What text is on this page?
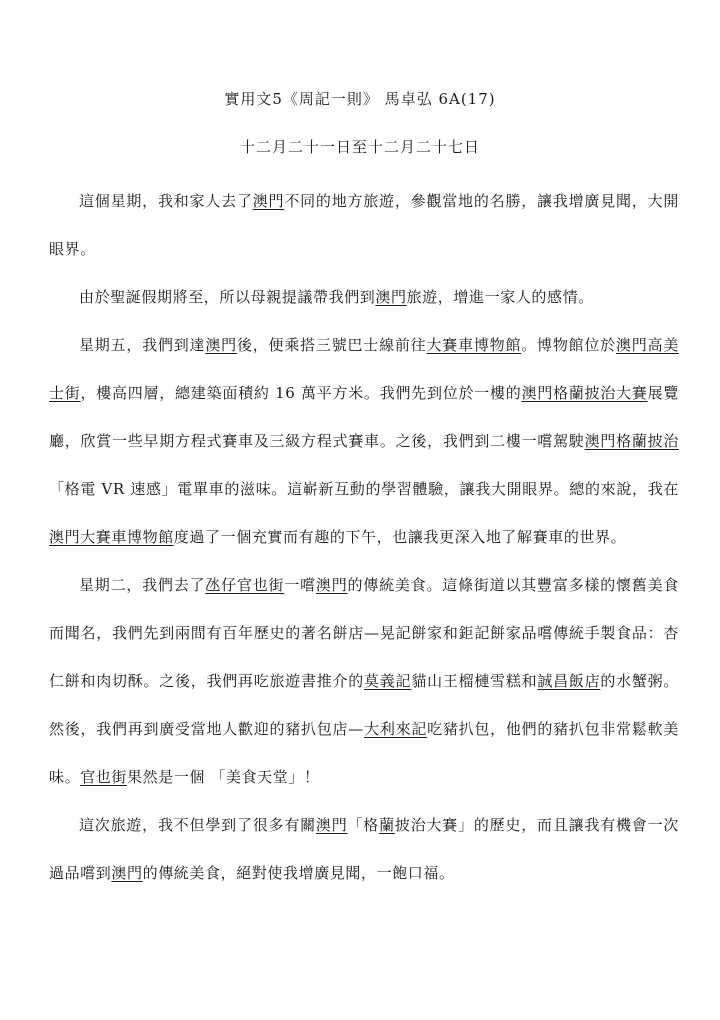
實用文5《周記一則》 馬卓弘 6A(17)
十二月二十一日至十二月二十七日

這個星期，我和家人去了澳門不同的地方旅遊，參觀當地的名勝，讓我增廣見聞，大開眼界。

由於聖誕假期將至，所以母親提議帶我們到澳門旅遊，增進一家人的感情。

星期五，我們到達澳門後，便乘搭三號巴士線前往大賽車博物館。博物館位於澳門高美士街，樓高四層，總建築面積約 16 萬平方米。我們先到位於一樓的澳門格蘭披治大賽展覽廳，欣賞一些早期方程式賽車及三級方程式賽車。之後，我們到二樓一嚐駕駛澳門格蘭披治「格電 VR 速感」電單車的滋味。這嶄新互動的學習體驗，讓我大開眼界。總的來說，我在澳門大賽車博物館度過了一個充實而有趣的下午，也讓我更深入地了解賽車的世界。

星期二，我們去了氹仔官也街一嚐澳門的傳統美食。這條街道以其豐富多樣的懷舊美食而聞名，我們先到兩間有百年歷史的著名餅店—晃記餅家和鉅記餅家品嚐傳統手製食品：杏仁餅和肉切酥。之後，我們再吃旅遊書推介的莫義記貓山王榴槤雪糕和誠昌飯店的水蟹粥。然後，我們再到廣受當地人歡迎的豬扒包店—大利來記吃豬扒包，他們的豬扒包非常鬆軟美味。官也街果然是一個 「美食天堂」！

這次旅遊，我不但學到了很多有關澳門「格蘭披治大賽」的歷史，而且讓我有機會一次過品嚐到澳門的傳統美食，絕對使我增廣見聞，一飽口福。
